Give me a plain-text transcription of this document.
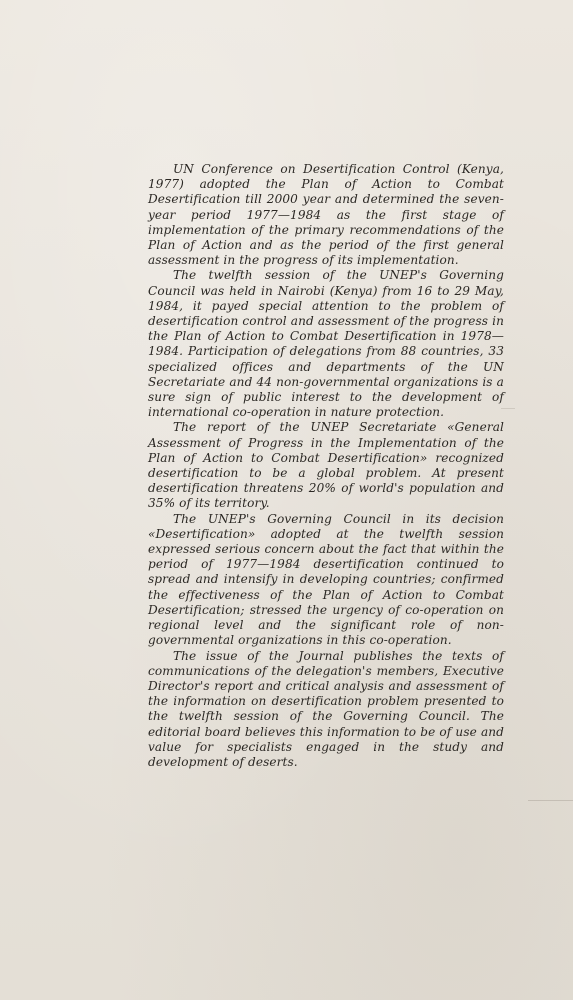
UN Conference on Desertification Control (Kenya, 1977) adopted the Plan of Action to Combat Desertification till 2000 year and determined the seven-year period 1977—1984 as the first stage of implementation of the primary recommendations of the Plan of Action and as the period of the first general assessment in the progress of its implementation.

The twelfth session of the UNEP's Governing Council was held in Nairobi (Kenya) from 16 to 29 May, 1984, it payed special attention to the problem of desertification control and assessment of the progress in the Plan of Action to Combat Desertification in 1978—1984. Participation of delegations from 88 countries, 33 specialized offices and departments of the UN Secretariate and 44 non-governmental organizations is a sure sign of public interest to the development of international co-operation in nature protection.

The report of the UNEP Secretariate «General Assessment of Progress in the Implementation of the Plan of Action to Combat Desertification» recognized desertification to be a global problem. At present desertification threatens 20% of world's population and 35% of its territory.

The UNEP's Governing Council in its decision «Desertification» adopted at the twelfth session expressed serious concern about the fact that within the period of 1977—1984 desertification continued to spread and intensify in developing countries; confirmed the effectiveness of the Plan of Action to Combat Desertification; stressed the urgency of co-operation on regional level and the significant role of non-governmental organizations in this co-operation.

The issue of the Journal publishes the texts of communications of the delegation's members, Executive Director's report and critical analysis and assessment of the information on desertification problem presented to the twelfth session of the Governing Council. The editorial board believes this information to be of use and value for specialists engaged in the study and development of deserts.
